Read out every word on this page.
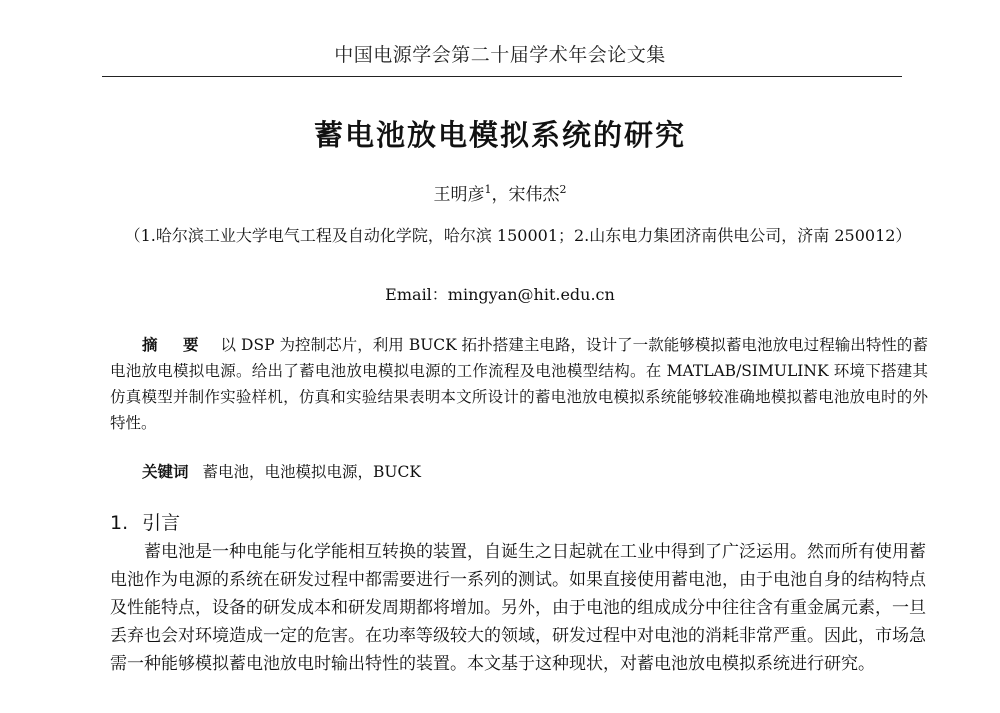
中国电源学会第二十届学术年会论文集
蓄电池放电模拟系统的研究
王明彦$^1$，宋伟杰$^2$
（1.哈尔滨工业大学电气工程及自动化学院，哈尔滨 150001；2.山东电力集团济南供电公司，济南 250012）
Email：mingyan@hit.edu.cn
摘 要 以 DSP 为控制芯片，利用 BUCK 拓扑搭建主电路，设计了一款能够模拟蓄电池放电过程输出特性的蓄电池放电模拟电源。给出了蓄电池放电模拟电源的工作流程及电池模型结构。在 MATLAB/SIMULINK 环境下搭建其仿真模型并制作实验样机，仿真和实验结果表明本文所设计的蓄电池放电模拟系统能够较准确地模拟蓄电池放电时的外特性。
关键词 蓄电池，电池模拟电源，BUCK
1. 引言
蓄电池是一种电能与化学能相互转换的装置，自诞生之日起就在工业中得到了广泛运用。然而所有使用蓄电池作为电源的系统在研发过程中都需要进行一系列的测试。如果直接使用蓄电池，由于电池自身的结构特点及性能特点，设备的研发成本和研发周期都将增加。另外，由于电池的组成成分中往往含有重金属元素，一旦丢弃也会对环境造成一定的危害。在功率等级较大的领域，研发过程中对电池的消耗非常严重。因此，市场急需一种能够模拟蓄电池放电时输出特性的装置。本文基于这种现状，对蓄电池放电模拟系统进行研究。
